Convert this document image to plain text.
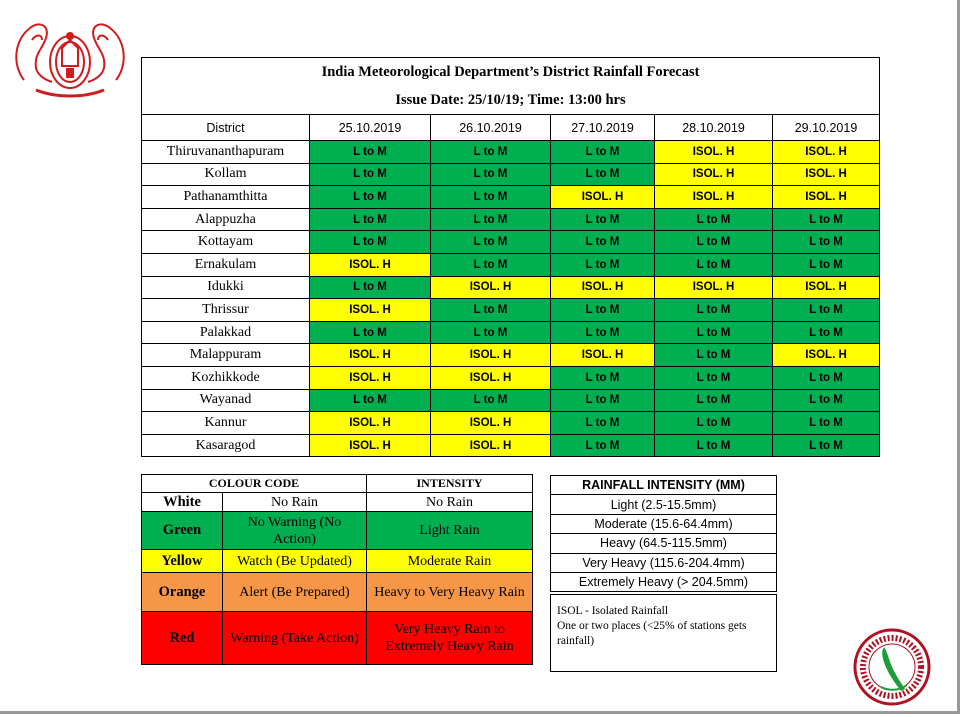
India Meteorological Department’s District Rainfall Forecast
Issue Date: 25/10/19; Time: 13:00 hrs					

District	25.10.2019	26.10.2019	27.10.2019	28.10.2019	29.10.2019
Thiruvananthapuram	L to M	L to M	L to M	ISOL. H	ISOL. H
Kollam	L to M	L to M	L to M	ISOL. H	ISOL. H
Pathanamthitta	L to M	L to M	ISOL. H	ISOL. H	ISOL. H
Alappuzha	L to M	L to M	L to M	L to M	L to M
Kottayam	L to M	L to M	L to M	L to M	L to M
Ernakulam	ISOL. H	L to M	L to M	L to M	L to M
Idukki	L to M	ISOL. H	ISOL. H	ISOL. H	ISOL. H
Thrissur	ISOL. H	L to M	L to M	L to M	L to M
Palakkad	L to M	L to M	L to M	L to M	L to M
Malappuram	ISOL. H	ISOL. H	ISOL. H	L to M	ISOL. H
Kozhikkode	ISOL. H	ISOL. H	L to M	L to M	L to M
Wayanad	L to M	L to M	L to M	L to M	L to M
Kannur	ISOL. H	ISOL. H	L to M	L to M	L to M
Kasaragod	ISOL. H	ISOL. H	L to M	L to M	L to M
COLOUR CODE		INTENSITY
White	No Rain	No Rain
Green	No Warning (No Action)	Light Rain
Yellow	Watch (Be Updated)	Moderate Rain
Orange	Alert (Be Prepared)	Heavy to Very Heavy Rain
Red	Warning (Take Action)	Very Heavy Rain to Extremely Heavy Rain
RAINFALL INTENSITY (MM)
Light (2.5-15.5mm)
Moderate (15.6-64.4mm)
Heavy (64.5-115.5mm)
Very Heavy (115.6-204.4mm)
Extremely Heavy (> 204.5mm)
ISOL - Isolated Rainfall
One or two places (<25% of stations gets rainfall)
